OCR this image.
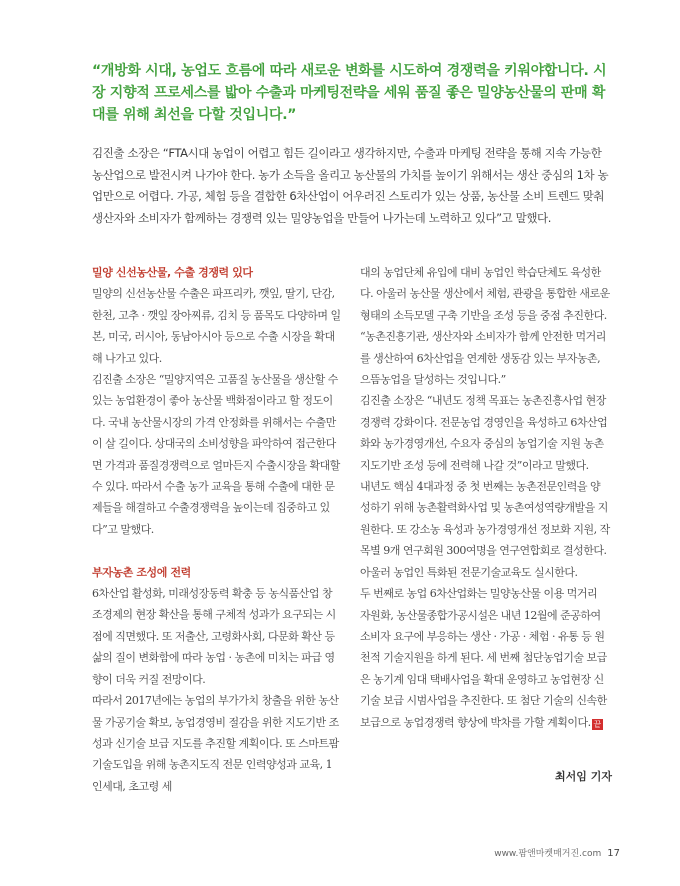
“개방화 시대, 농업도 흐름에 따라 새로운 변화를 시도하여 경쟁력을 키워야합니다. 시장 지향적 프로세스를 밟아 수출과 마케팅전략을 세워 품질 좋은 밀양농산물의 판매 확대를 위해 최선을 다할 것입니다.”

김진출 소장은 “FTA시대 농업이 어렵고 힘든 길이라고 생각하지만, 수출과 마케팅 전략을 통해 지속 가능한 농산업으로 발전시켜 나가야 한다. 농가 소득을 올리고 농산물의 가치를 높이기 위해서는 생산 중심의 1차 농업만으로 어렵다. 가공, 체험 등을 결합한 6차산업이 어우러진 스토리가 있는 상품, 농산물 소비 트렌드 맞춰 생산자와 소비자가 함께하는 경쟁력 있는 밀양농업을 만들어 나가는데 노력하고 있다”고 말했다.

밀양 신선농산물, 수출 경쟁력 있다

밀양의 신선농산물 수출은 파프리카, 깻잎, 딸기, 단감, 한천, 고추 · 깻잎 장아찌류, 김치 등 품목도 다양하며 일본, 미국, 러시아, 동남아시아 등으로 수출 시장을 확대해 나가고 있다.

김진출 소장은 “밀양지역은 고품질 농산물을 생산할 수 있는 농업환경이 좋아 농산물 백화점이라고 할 정도이다. 국내 농산물시장의 가격 안정화를 위해서는 수출만이 살 길이다. 상대국의 소비성향을 파악하여 접근한다면 가격과 품질경쟁력으로 얼마든지 수출시장을 확대할 수 있다. 따라서 수출 농가 교육을 통해 수출에 대한 문제들을 해결하고 수출경쟁력을 높이는데 집중하고 있다”고 말했다.

부자농촌 조성에 전력

6차산업 활성화, 미래성장동력 확충 등 농식품산업 창조경제의 현장 확산을 통해 구체적 성과가 요구되는 시점에 직면했다. 또 저출산, 고령화사회, 다문화 확산 등 삶의 질이 변화함에 따라 농업 · 농촌에 미치는 파급 영향이 더욱 커질 전망이다.

따라서 2017년에는 농업의 부가가치 창출을 위한 농산물 가공기술 확보, 농업경영비 절감을 위한 지도기반 조성과 신기술 보급 지도를 추진할 계획이다. 또 스마트팜 기술도입을 위해 농촌지도직 전문 인력양성과 교육, 1인세대, 초고령 세

대의 농업단체 유입에 대비 농업인 학습단체도 육성한다. 아울러 농산물 생산에서 체험, 관광을 통합한 새로운 형태의 소득모델 구축 기반을 조성 등을 중점 추진한다.

“농촌진흥기관, 생산자와 소비자가 함께 안전한 먹거리를 생산하여 6차산업을 연계한 생동감 있는 부자농촌, 으뜸농업을 달성하는 것입니다.”

김진출 소장은 “내년도 정책 목표는 농촌진흥사업 현장 경쟁력 강화이다. 전문농업 경영인을 육성하고 6차산업화와 농가경영개선, 수요자 중심의 농업기술 지원 농촌지도기반 조성 등에 전력해 나갈 것”이라고 말했다.

내년도 핵심 4대과정 중 첫 번째는 농촌전문인력을 양성하기 위해 농촌활력화사업 및 농촌여성역량개발을 지원한다. 또 강소농 육성과 농가경영개선 정보화 지원, 작목별 9개 연구회원 300여명을 연구연합회로 결성한다. 아울러 농업인 특화된 전문기술교육도 실시한다.

두 번째로 농업 6차산업화는 밀양농산물 이용 먹거리 자원화, 농산물종합가공시설은 내년 12월에 준공하여 소비자 요구에 부응하는 생산 · 가공 · 체험 · 유통 등 원천적 기술지원을 하게 된다. 세 번째 첨단농업기술 보급은 농기계 임대 택배사업을 확대 운영하고 농업현장 신기술 보급 시범사업을 추진한다. 또 첨단 기술의 신속한 보급으로 농업경쟁력 향상에 박차를 가할 계획이다. 끝

최서임 기자
www.팜앤마켓매거진.com 17
